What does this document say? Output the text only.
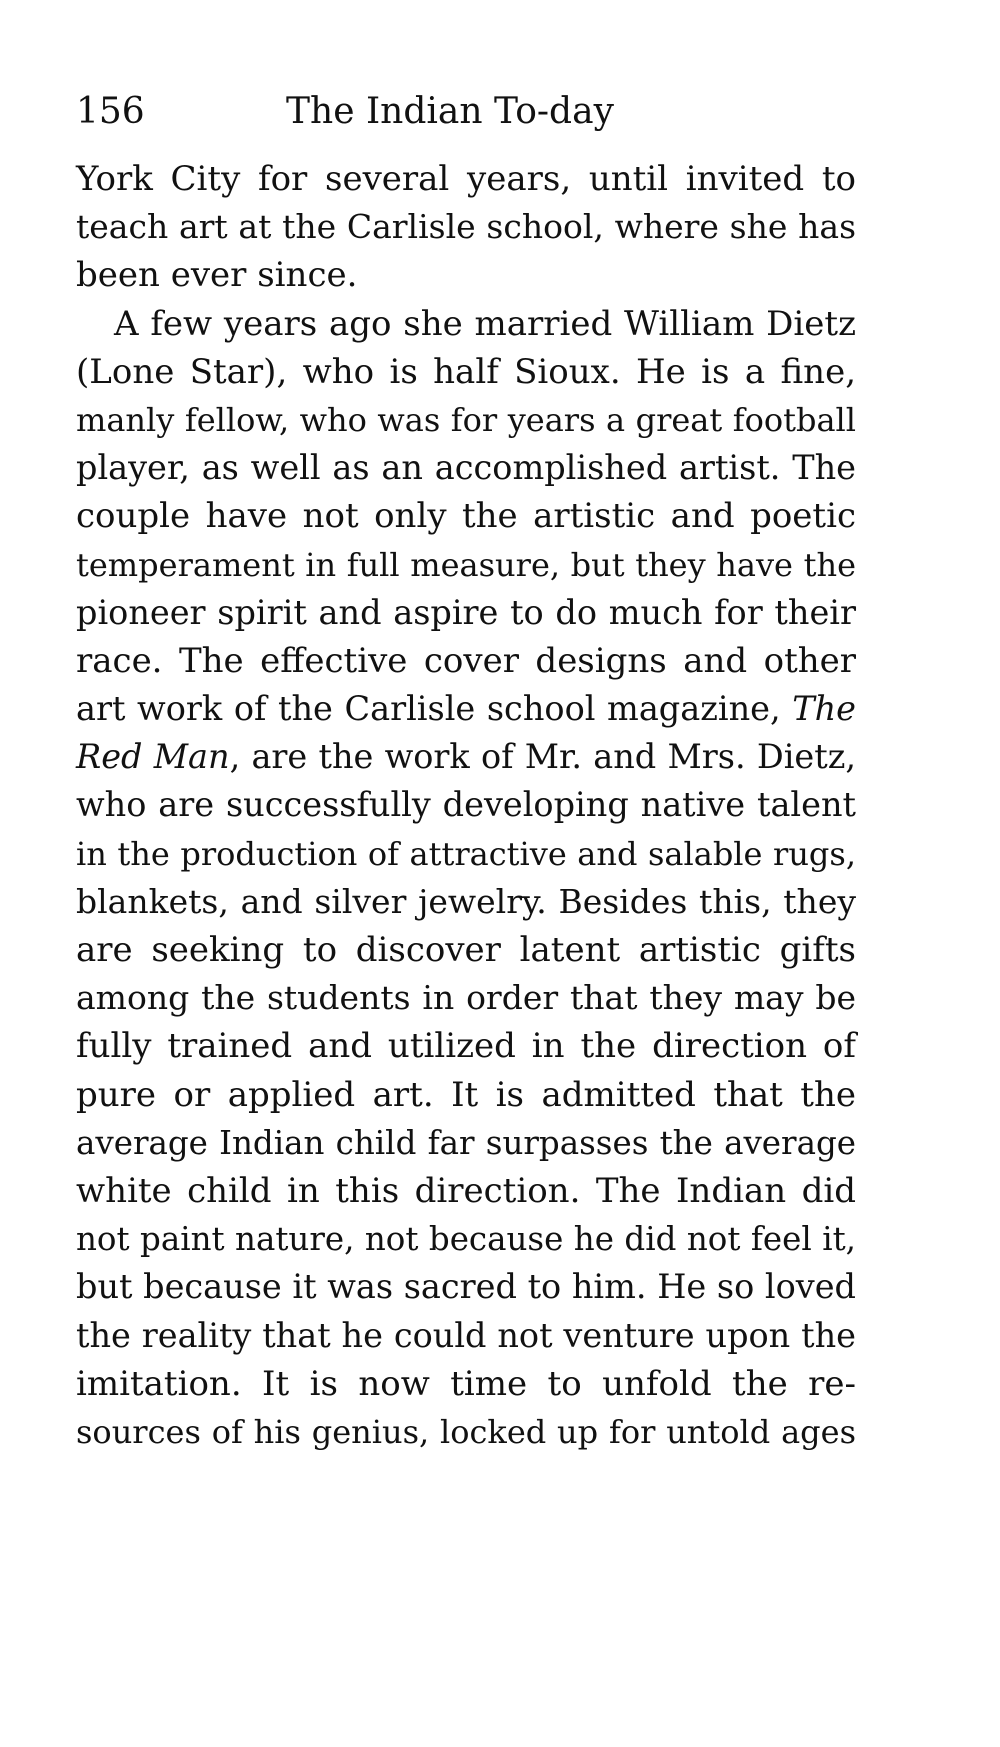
156	The Indian To-day
York City for several years, until invited to
teach art at the Carlisle school, where she has
been ever since.
A few years ago she married William Dietz
(Lone Star), who is half Sioux. He is a fine,
manly fellow, who was for years a great football
player, as well as an accomplished artist. The
couple have not only the artistic and poetic
temperament in full measure, but they have the
pioneer spirit and aspire to do much for their
race. The effective cover designs and other
art work of the Carlisle school magazine, The
Red Man, are the work of Mr. and Mrs. Dietz,
who are successfully developing native talent
in the production of attractive and salable rugs,
blankets, and silver jewelry. Besides this, they
are seeking to discover latent artistic gifts
among the students in order that they may be
fully trained and utilized in the direction of
pure or applied art. It is admitted that the
average Indian child far surpasses the average
white child in this direction. The Indian did
not paint nature, not because he did not feel it,
but because it was sacred to him. He so loved
the reality that he could not venture upon the
imitation. It is now time to unfold the re-
sources of his genius, locked up for untold ages
